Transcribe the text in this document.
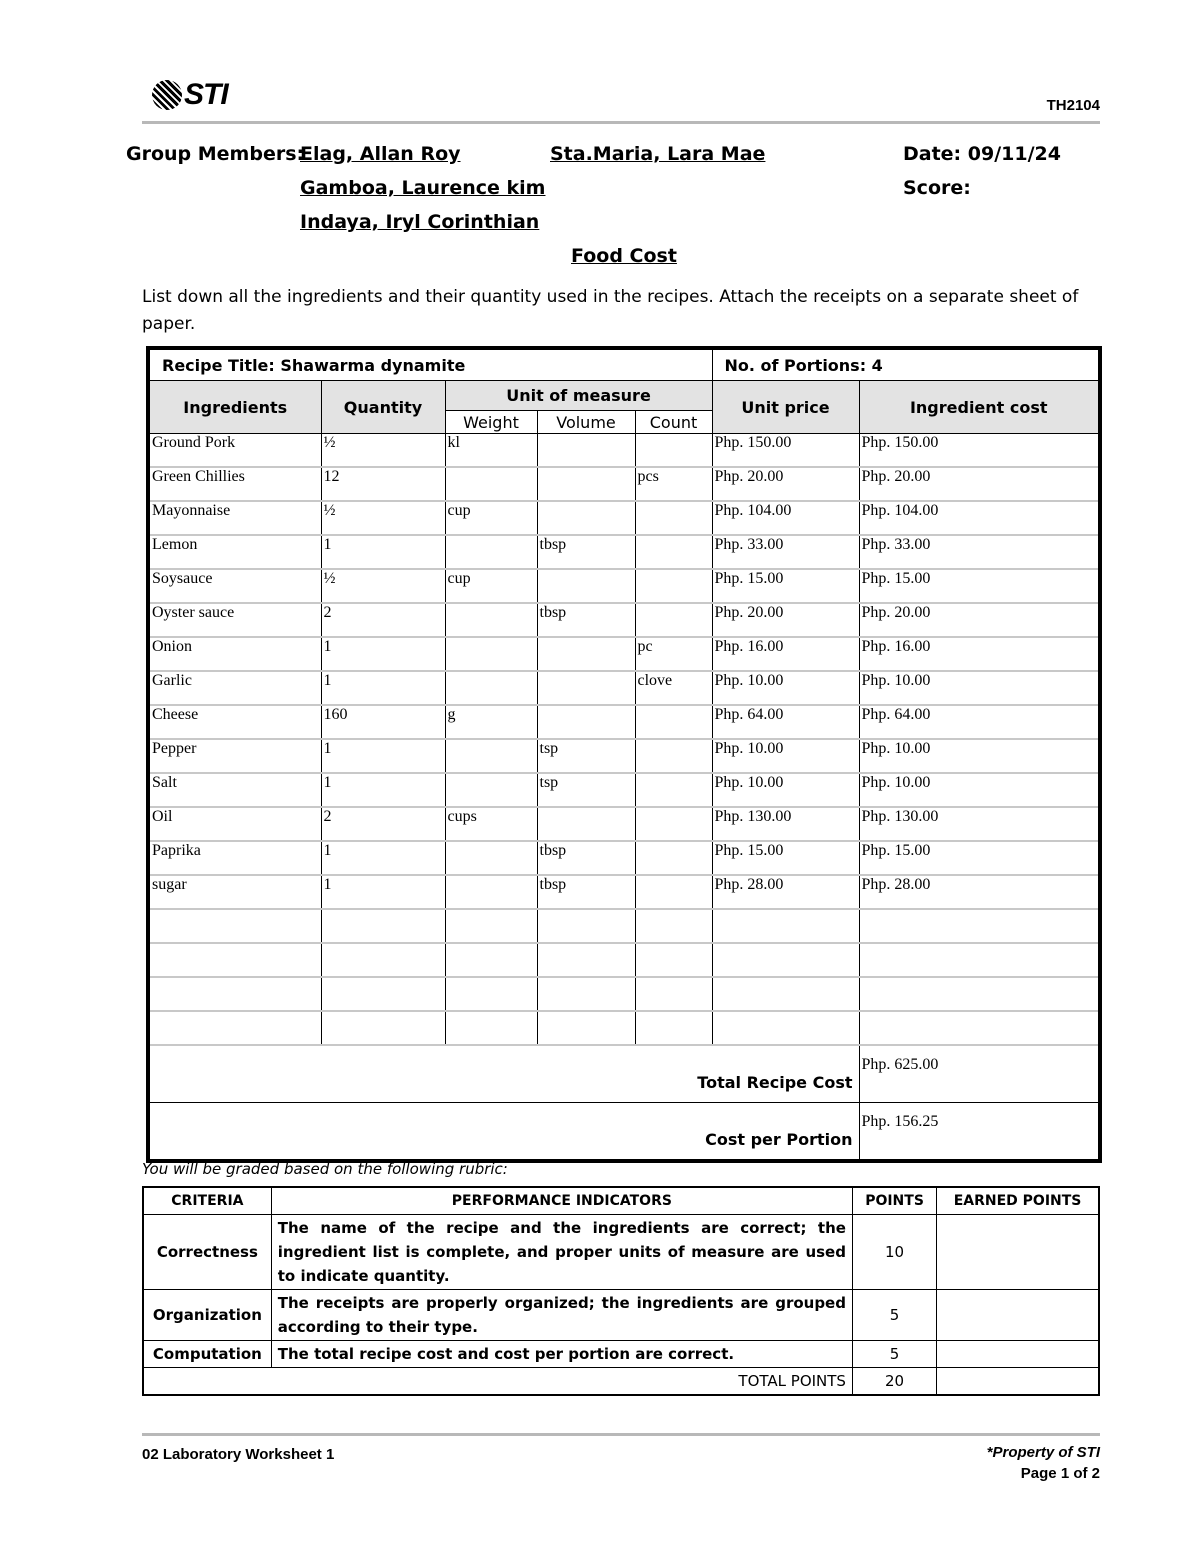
STI	TH2104
Group Members:
Elag, Allan Roy	Sta.Maria, Lara Mae	Date: 09/11/24
Gamboa, Laurence kim	Score:
Indaya, Iryl Corinthian
Food Cost
List down all the ingredients and their quantity used in the recipes. Attach the receipts on a separate sheet of paper.
Recipe Title: Shawarma dynamite					No. of Portions: 4	
Ingredients	Quantity	Unit of measure			Unit price	Ingredient cost
		Weight	Volume	Count		
Ground Pork	½	kl			Php. 150.00	Php. 150.00
Green Chillies	12			pcs	Php. 20.00	Php. 20.00
Mayonnaise	½	cup			Php. 104.00	Php. 104.00
Lemon	1		tbsp		Php. 33.00	Php. 33.00
Soysauce	½	cup			Php. 15.00	Php. 15.00
Oyster sauce	2		tbsp		Php. 20.00	Php. 20.00
Onion	1			pc	Php. 16.00	Php. 16.00
Garlic	1			clove	Php. 10.00	Php. 10.00
Cheese	160	g			Php. 64.00	Php. 64.00
Pepper	1		tsp		Php. 10.00	Php. 10.00
Salt	1		tsp		Php. 10.00	Php. 10.00
Oil	2	cups			Php. 130.00	Php. 130.00
Paprika	1		tbsp		Php. 15.00	Php. 15.00
sugar	1		tbsp		Php. 28.00	Php. 28.00

Total Recipe Cost						Php. 625.00
Cost per Portion						Php. 156.25
You will be graded based on the following rubric:
CRITERIA	PERFORMANCE INDICATORS	POINTS	EARNED POINTS
Correctness	The name of the recipe and the ingredients are correct; the ingredient list is complete, and proper units of measure are used to indicate quantity.	10	
Organization	The receipts are properly organized; the ingredients are grouped according to their type.	5	
Computation	The total recipe cost and cost per portion are correct.	5	
TOTAL POINTS		20	
02 Laboratory Worksheet 1	*Property of STI
Page 1 of 2
